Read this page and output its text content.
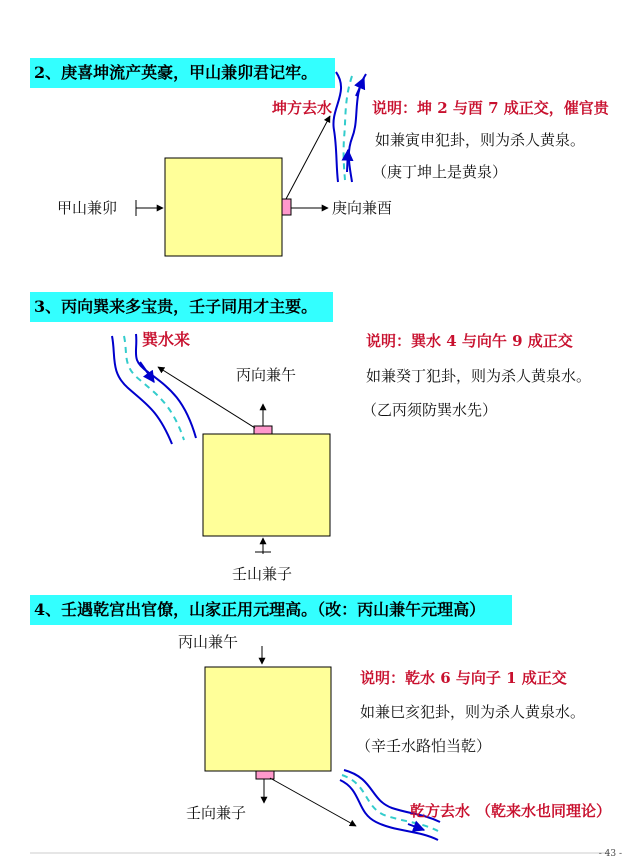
2、庚喜坤流产英豪，甲山兼卯君记牢。
坤方去水	说明：坤 2 与酉 7 成正交，催官贵
如兼寅申犯卦，则为杀人黄泉。
（庚丁坤上是黄泉）
甲山兼卯	庚向兼酉
3、丙向巽来多宝贵，壬子同用才主要。
巽水来	说明：巽水 4 与向午 9 成正交
如兼癸丁犯卦，则为杀人黄泉水。
（乙丙须防巽水先）
丙向兼午
壬山兼子
4、壬遇乾宫出官僚，山家正用元理高。（改：丙山兼午元理高）
丙山兼午
说明：乾水 6 与向子 1 成正交
如兼巳亥犯卦，则为杀人黄泉水。
（辛壬水路怕当乾）
壬向兼子	乾方去水 （乾来水也同理论）
- 43 -
